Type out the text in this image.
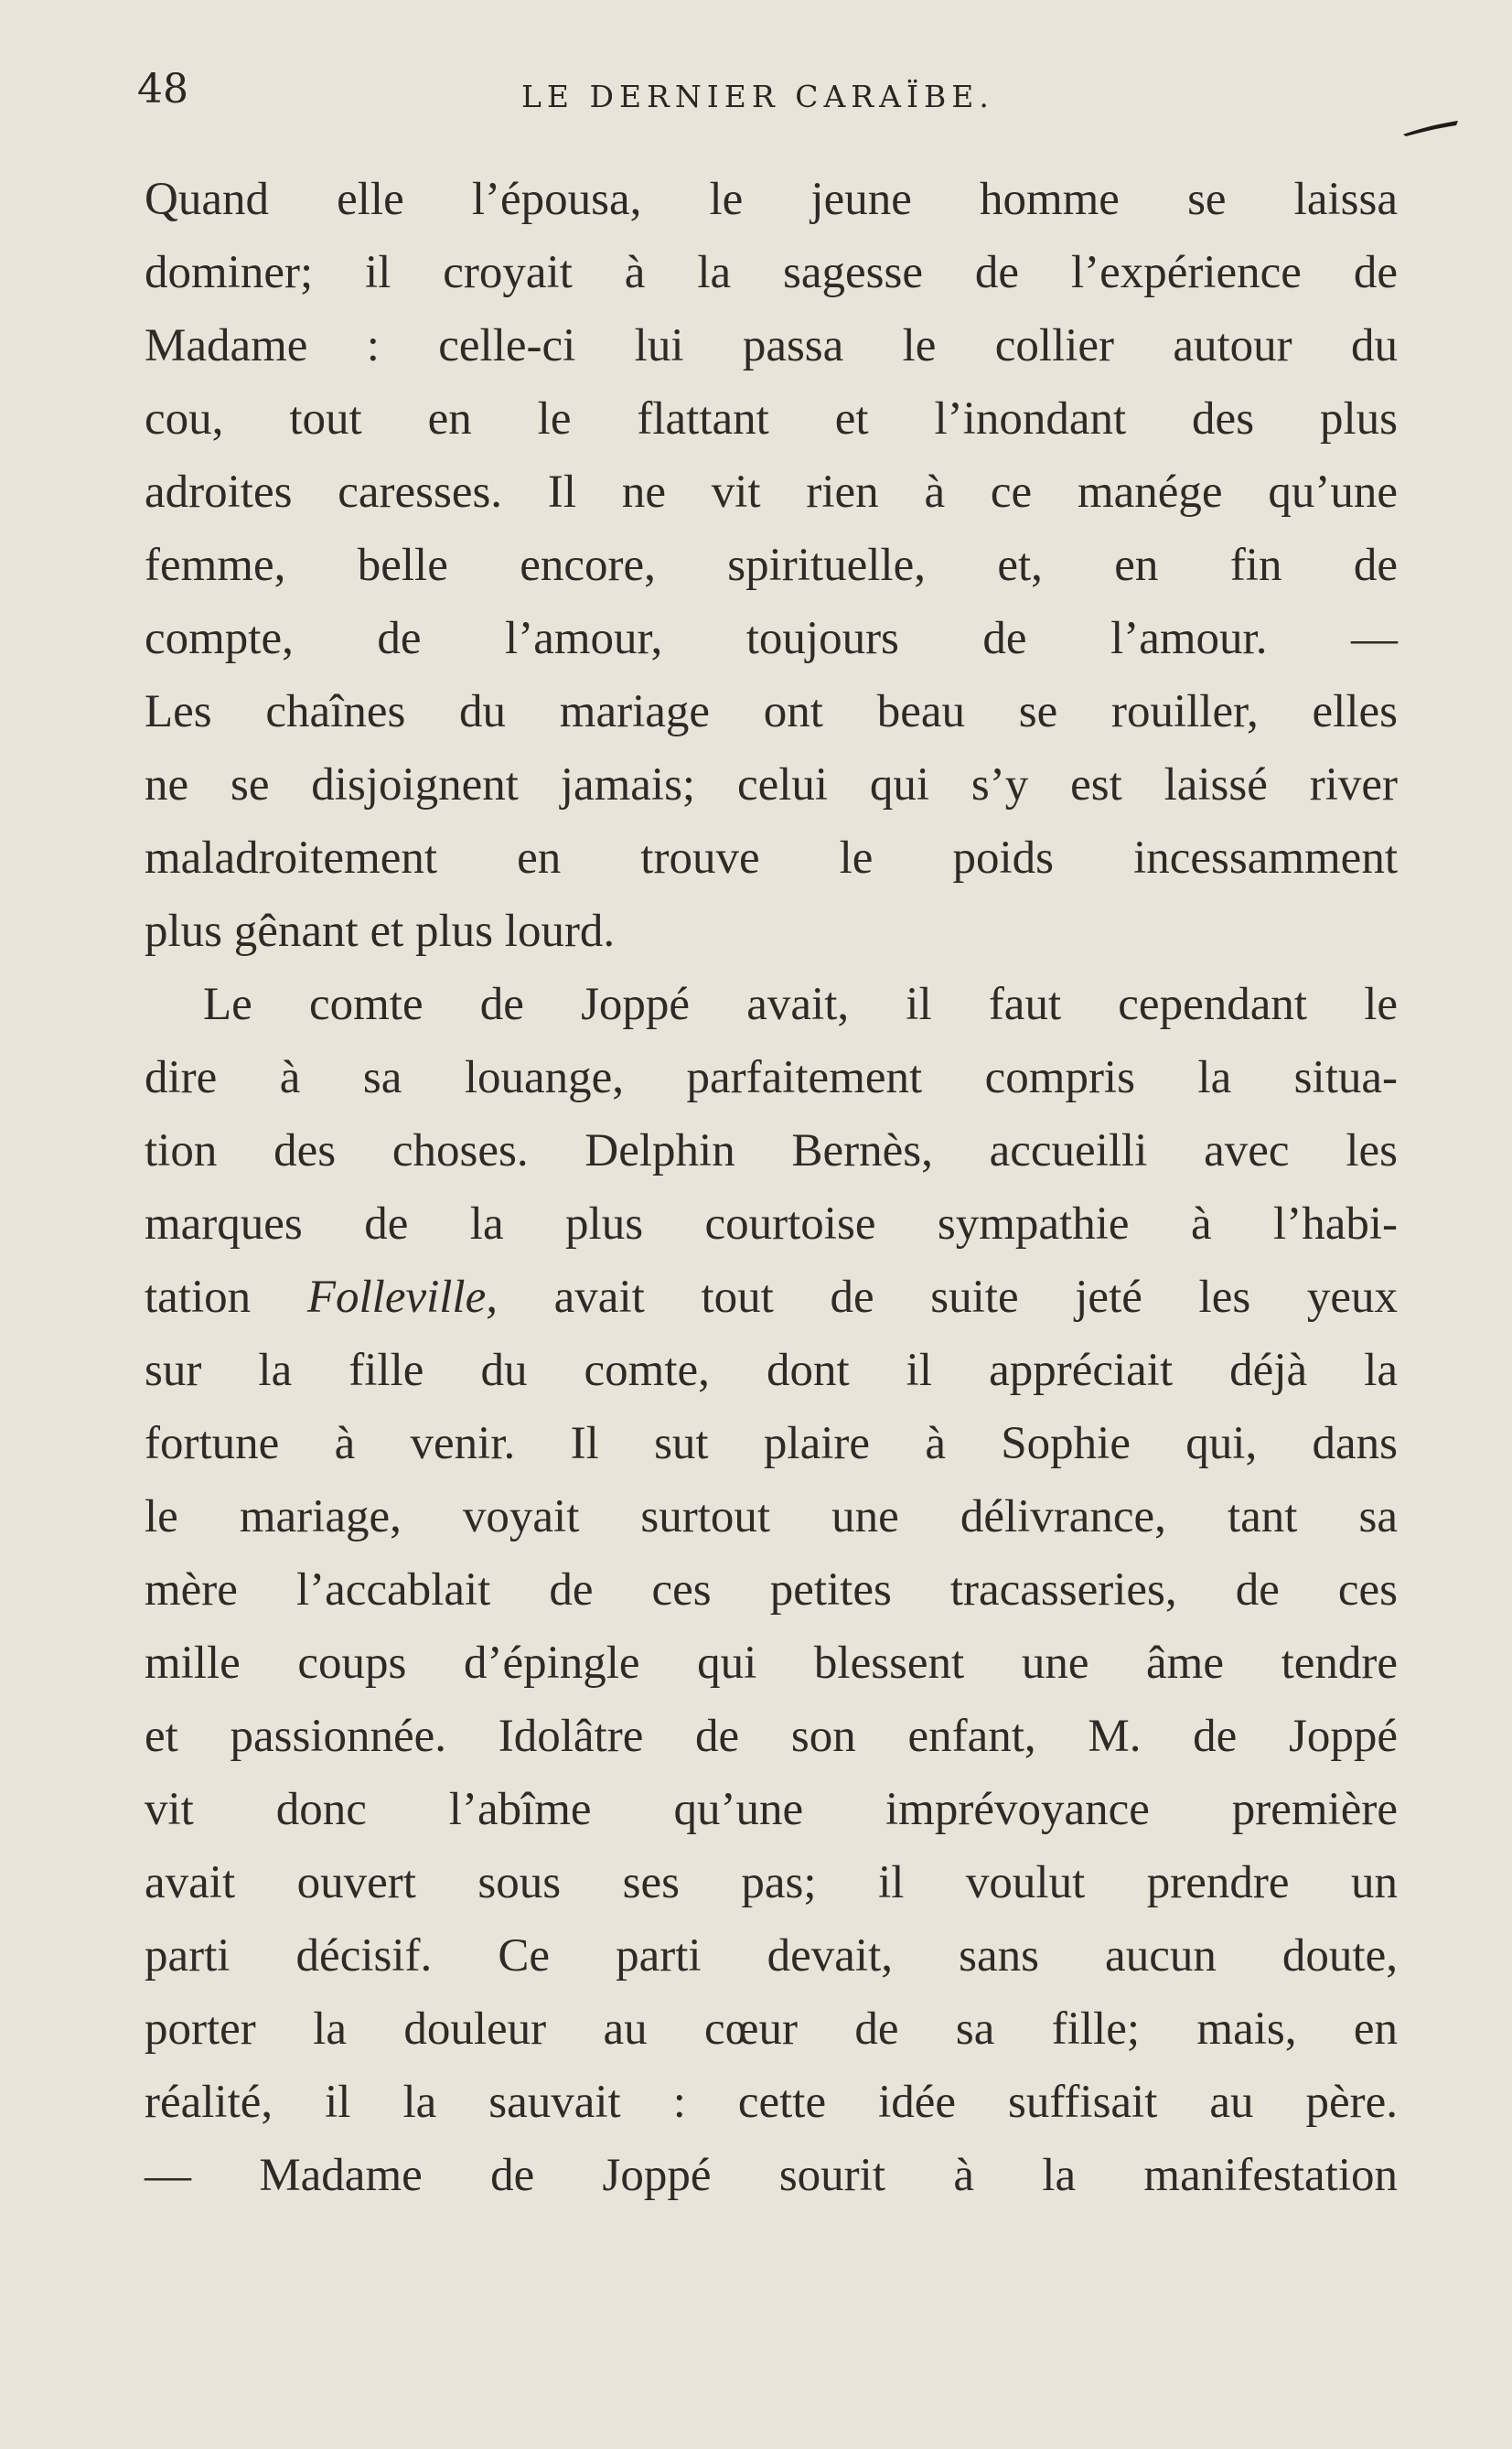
48	LE DERNIER CARAÏBE.
Quand elle l’épousa, le jeune homme se laissa
dominer; il croyait à la sagesse de l’expérience de
Madame : celle-ci lui passa le collier autour du
cou, tout en le flattant et l’inondant des plus
adroites caresses. Il ne vit rien à ce manége qu’une
femme, belle encore, spirituelle, et, en fin de
compte, de l’amour, toujours de l’amour. —
Les chaînes du mariage ont beau se rouiller, elles
ne se disjoignent jamais; celui qui s’y est laissé river
maladroitement en trouve le poids incessamment
plus gênant et plus lourd.
Le comte de Joppé avait, il faut cependant le
dire à sa louange, parfaitement compris la situa-
tion des choses. Delphin Bernès, accueilli avec les
marques de la plus courtoise sympathie à l’habi-
tation Folleville, avait tout de suite jeté les yeux
sur la fille du comte, dont il appréciait déjà la
fortune à venir. Il sut plaire à Sophie qui, dans
le mariage, voyait surtout une délivrance, tant sa
mère l’accablait de ces petites tracasseries, de ces
mille coups d’épingle qui blessent une âme tendre
et passionnée. Idolâtre de son enfant, M. de Joppé
vit donc l’abîme qu’une imprévoyance première
avait ouvert sous ses pas; il voulut prendre un
parti décisif. Ce parti devait, sans aucun doute,
porter la douleur au cœur de sa fille; mais, en
réalité, il la sauvait : cette idée suffisait au père.
— Madame de Joppé sourit à la manifestation
